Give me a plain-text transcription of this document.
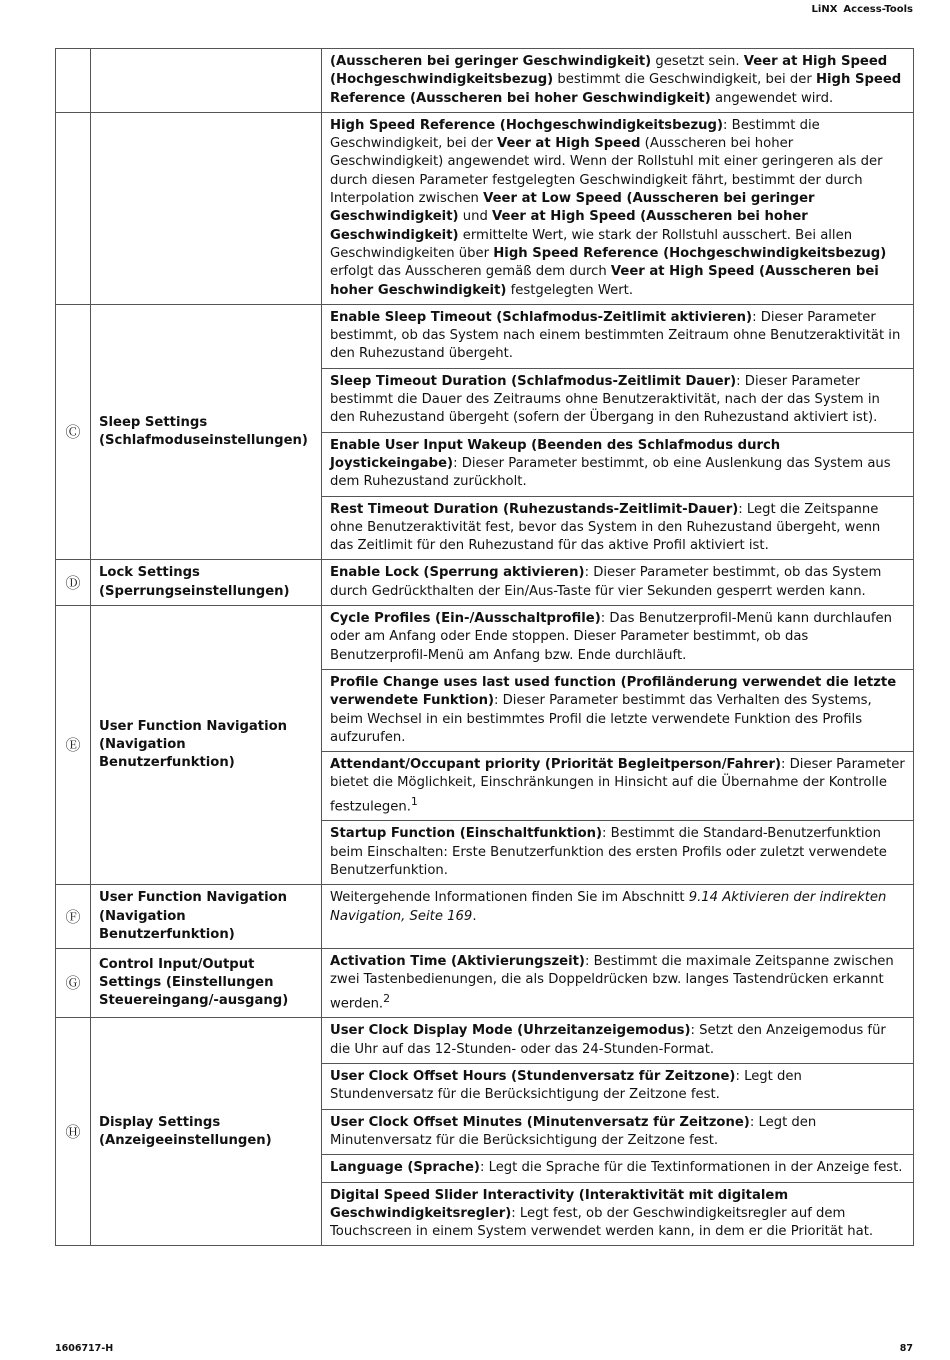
LiNX Access-Tools
		(Ausscheren bei geringer Geschwindigkeit) gesetzt sein. Veer at High Speed (Hochgeschwindigkeitsbezug) bestimmt die Geschwindigkeit, bei der High Speed Reference (Ausscheren bei hoher Geschwindigkeit) angewendet wird.
		High Speed Reference (Hochgeschwindigkeitsbezug): Bestimmt die Geschwindigkeit, bei der Veer at High Speed (Ausscheren bei hoher Geschwindigkeit) angewendet wird. Wenn der Rollstuhl mit einer geringeren als der durch diesen Parameter festgelegten Geschwindigkeit fährt, bestimmt der durch Interpolation zwischen Veer at Low Speed (Ausscheren bei geringer Geschwindigkeit) und Veer at High Speed (Ausscheren bei hoher Geschwindigkeit) ermittelte Wert, wie stark der Rollstuhl ausschert. Bei allen Geschwindigkeiten über High Speed Reference (Hochgeschwindigkeitsbezug) erfolgt das Ausscheren gemäß dem durch Veer at High Speed (Ausscheren bei hoher Geschwindigkeit) festgelegten Wert.
Ⓒ	Sleep Settings (Schlafmoduseinstellungen)	Enable Sleep Timeout (Schlafmodus-Zeitlimit aktivieren): Dieser Parameter bestimmt, ob das System nach einem bestimmten Zeitraum ohne Benutzeraktivität in den Ruhezustand übergeht.
		Sleep Timeout Duration (Schlafmodus-Zeitlimit Dauer): Dieser Parameter bestimmt die Dauer des Zeitraums ohne Benutzeraktivität, nach der das System in den Ruhezustand übergeht (sofern der Übergang in den Ruhezustand aktiviert ist).
		Enable User Input Wakeup (Beenden des Schlafmodus durch Joystickeingabe): Dieser Parameter bestimmt, ob eine Auslenkung das System aus dem Ruhezustand zurückholt.
		Rest Timeout Duration (Ruhezustands-Zeitlimit-Dauer): Legt die Zeitspanne ohne Benutzeraktivität fest, bevor das System in den Ruhezustand übergeht, wenn das Zeitlimit für den Ruhezustand für das aktive Profil aktiviert ist.
Ⓓ	Lock Settings (Sperrungseinstellungen)	Enable Lock (Sperrung aktivieren): Dieser Parameter bestimmt, ob das System durch Gedrückthalten der Ein/Aus-Taste für vier Sekunden gesperrt werden kann.
Ⓔ	User Function Navigation (Navigation Benutzerfunktion)	Cycle Profiles (Ein-/Ausschaltprofile): Das Benutzerprofil-Menü kann durchlaufen oder am Anfang oder Ende stoppen. Dieser Parameter bestimmt, ob das Benutzerprofil-Menü am Anfang bzw. Ende durchläuft.
		Profile Change uses last used function (Profiländerung verwendet die letzte verwendete Funktion): Dieser Parameter bestimmt das Verhalten des Systems, beim Wechsel in ein bestimmtes Profil die letzte verwendete Funktion des Profils aufzurufen.
		Attendant/Occupant priority (Priorität Begleitperson/Fahrer): Dieser Parameter bietet die Möglichkeit, Einschränkungen in Hinsicht auf die Übernahme der Kontrolle festzulegen.$^1$
		Startup Function (Einschaltfunktion): Bestimmt die Standard-Benutzerfunktion beim Einschalten: Erste Benutzerfunktion des ersten Profils oder zuletzt verwendete Benutzerfunktion.
Ⓕ	User Function Navigation (Navigation Benutzerfunktion)	Weitergehende Informationen finden Sie im Abschnitt 9.14 Aktivieren der indirekten Navigation, Seite 169.
Ⓖ	Control Input/Output Settings (Einstellungen Steuereingang/-ausgang)	Activation Time (Aktivierungszeit): Bestimmt die maximale Zeitspanne zwischen zwei Tastenbedienungen, die als Doppeldrücken bzw. langes Tastendrücken erkannt werden.$^2$
Ⓗ	Display Settings (Anzeigeeinstellungen)	User Clock Display Mode (Uhrzeitanzeigemodus): Setzt den Anzeigemodus für die Uhr auf das 12-Stunden- oder das 24-Stunden-Format.
		User Clock Offset Hours (Stundenversatz für Zeitzone): Legt den Stundenversatz für die Berücksichtigung der Zeitzone fest.
		User Clock Offset Minutes (Minutenversatz für Zeitzone): Legt den Minutenversatz für die Berücksichtigung der Zeitzone fest.
		Language (Sprache): Legt die Sprache für die Textinformationen in der Anzeige fest.
		Digital Speed Slider Interactivity (Interaktivität mit digitalem Geschwindigkeitsregler): Legt fest, ob der Geschwindigkeitsregler auf dem Touchscreen in einem System verwendet werden kann, in dem er die Priorität hat.
1606717-H	87
